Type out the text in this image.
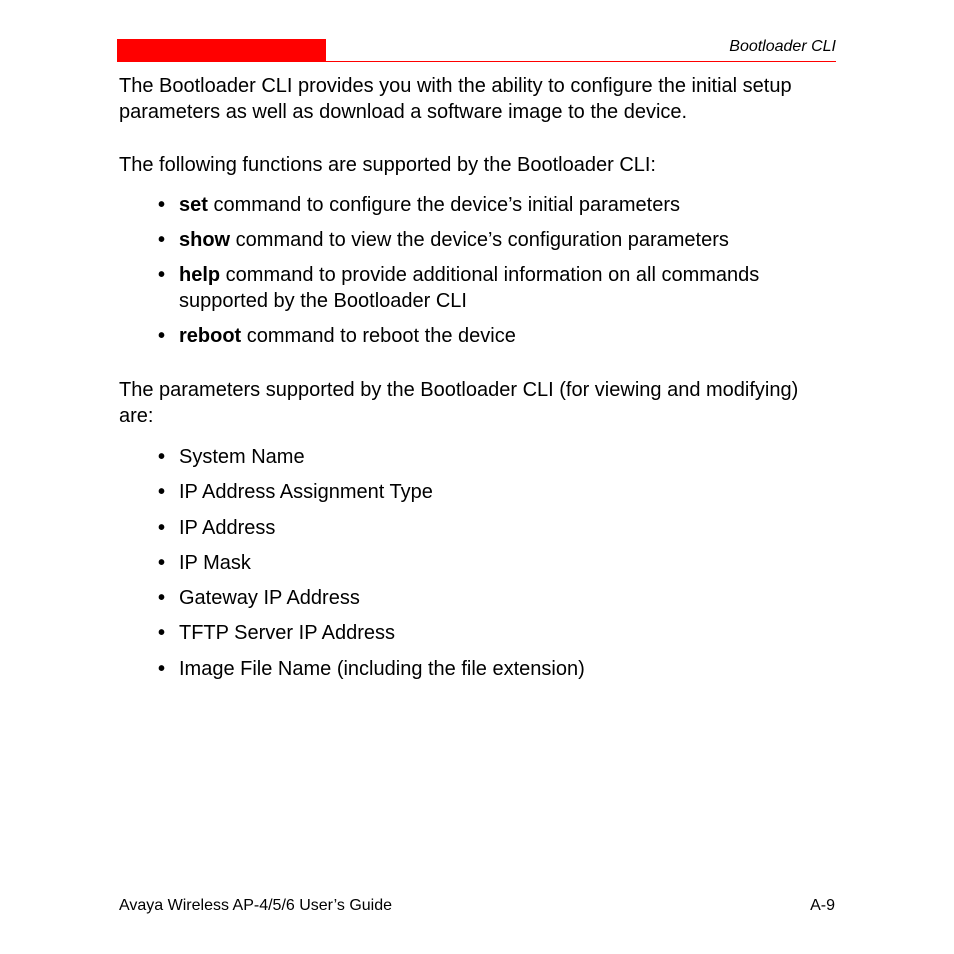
Bootloader CLI

The Bootloader CLI provides you with the ability to configure the initial setup parameters as well as download a software image to the device.

The following functions are supported by the Bootloader CLI:

• set command to configure the device’s initial parameters
• show command to view the device’s configuration parameters
• help command to provide additional information on all commands supported by the Bootloader CLI
• reboot command to reboot the device

The parameters supported by the Bootloader CLI (for viewing and modifying) are:

• System Name
• IP Address Assignment Type
• IP Address
• IP Mask
• Gateway IP Address
• TFTP Server IP Address
• Image File Name (including the file extension)
Avaya Wireless AP-4/5/6 User’s Guide	A-9
